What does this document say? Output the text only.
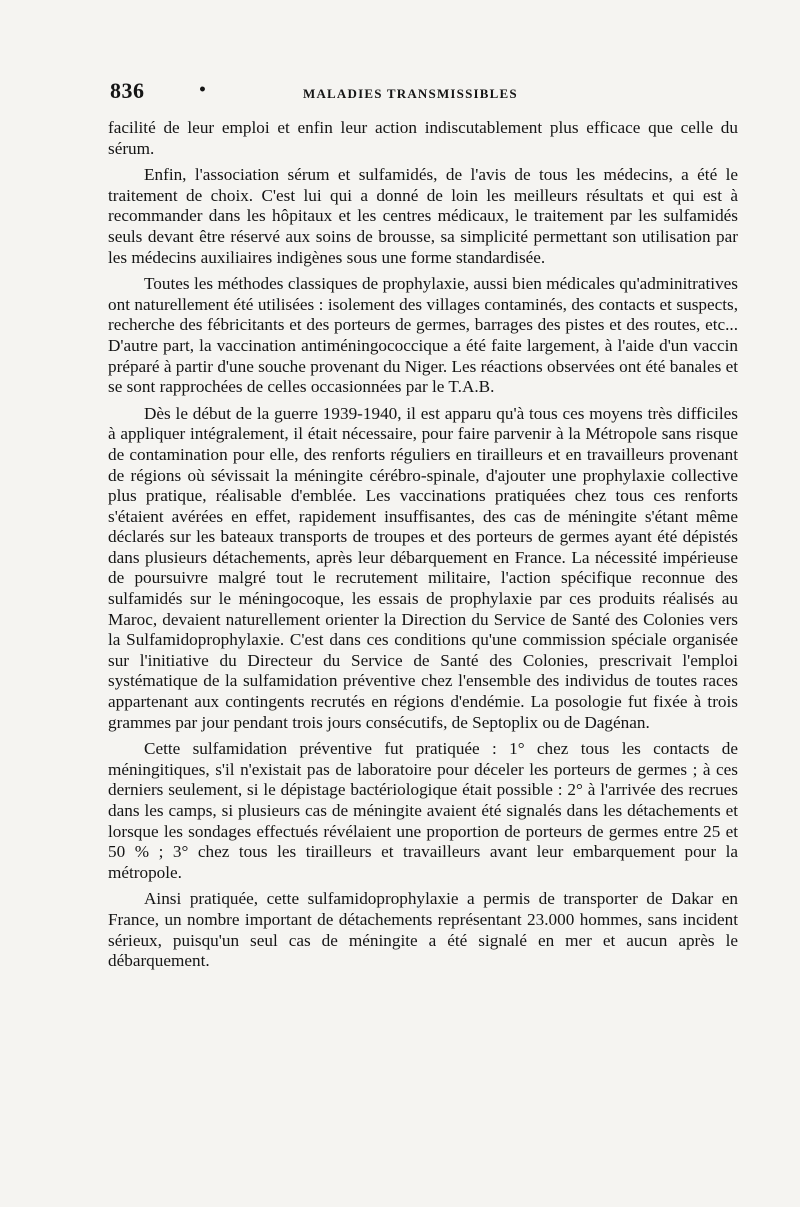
836	•	MALADIES TRANSMISSIBLES

facilité de leur emploi et enfin leur action indiscutablement plus efficace que celle du sérum.

Enfin, l'association sérum et sulfamidés, de l'avis de tous les médecins, a été le traitement de choix. C'est lui qui a donné de loin les meilleurs résultats et qui est à recommander dans les hôpitaux et les centres médicaux, le traitement par les sulfamidés seuls devant être réservé aux soins de brousse, sa simplicité permettant son utilisation par les médecins auxiliaires indigènes sous une forme standardisée.

Toutes les méthodes classiques de prophylaxie, aussi bien médicales qu'adminitratives ont naturellement été utilisées : isolement des villages contaminés, des contacts et suspects, recherche des fébricitants et des porteurs de germes, barrages des pistes et des routes, etc... D'autre part, la vaccination antiméningococcique a été faite largement, à l'aide d'un vaccin préparé à partir d'une souche provenant du Niger. Les réactions observées ont été banales et se sont rapprochées de celles occasionnées par le T.A.B.

Dès le début de la guerre 1939-1940, il est apparu qu'à tous ces moyens très difficiles à appliquer intégralement, il était nécessaire, pour faire parvenir à la Métropole sans risque de contamination pour elle, des renforts réguliers en tirailleurs et en travailleurs provenant de régions où sévissait la méningite cérébro-spinale, d'ajouter une prophylaxie collective plus pratique, réalisable d'emblée. Les vaccinations pratiquées chez tous ces renforts s'étaient avérées en effet, rapidement insuffisantes, des cas de méningite s'étant même déclarés sur les bateaux transports de troupes et des porteurs de germes ayant été dépistés dans plusieurs détachements, après leur débarquement en France. La nécessité impérieuse de poursuivre malgré tout le recrutement militaire, l'action spécifique reconnue des sulfamidés sur le méningocoque, les essais de prophylaxie par ces produits réalisés au Maroc, devaient naturellement orienter la Direction du Service de Santé des Colonies vers la Sulfamidoprophylaxie. C'est dans ces conditions qu'une commission spéciale organisée sur l'initiative du Directeur du Service de Santé des Colonies, prescrivait l'emploi systématique de la sulfamidation préventive chez l'ensemble des individus de toutes races appartenant aux contingents recrutés en régions d'endémie. La posologie fut fixée à trois grammes par jour pendant trois jours consécutifs, de Septoplix ou de Dagénan.

Cette sulfamidation préventive fut pratiquée : 1° chez tous les contacts de méningitiques, s'il n'existait pas de laboratoire pour déceler les porteurs de germes ; à ces derniers seulement, si le dépistage bactériologique était possible : 2° à l'arrivée des recrues dans les camps, si plusieurs cas de méningite avaient été signalés dans les détachements et lorsque les sondages effectués révélaient une proportion de porteurs de germes entre 25 et 50 % ; 3° chez tous les tirailleurs et travailleurs avant leur embarquement pour la métropole.

Ainsi pratiquée, cette sulfamidoprophylaxie a permis de transporter de Dakar en France, un nombre important de détachements représentant 23.000 hommes, sans incident sérieux, puisqu'un seul cas de méningite a été signalé en mer et aucun après le débarquement.
